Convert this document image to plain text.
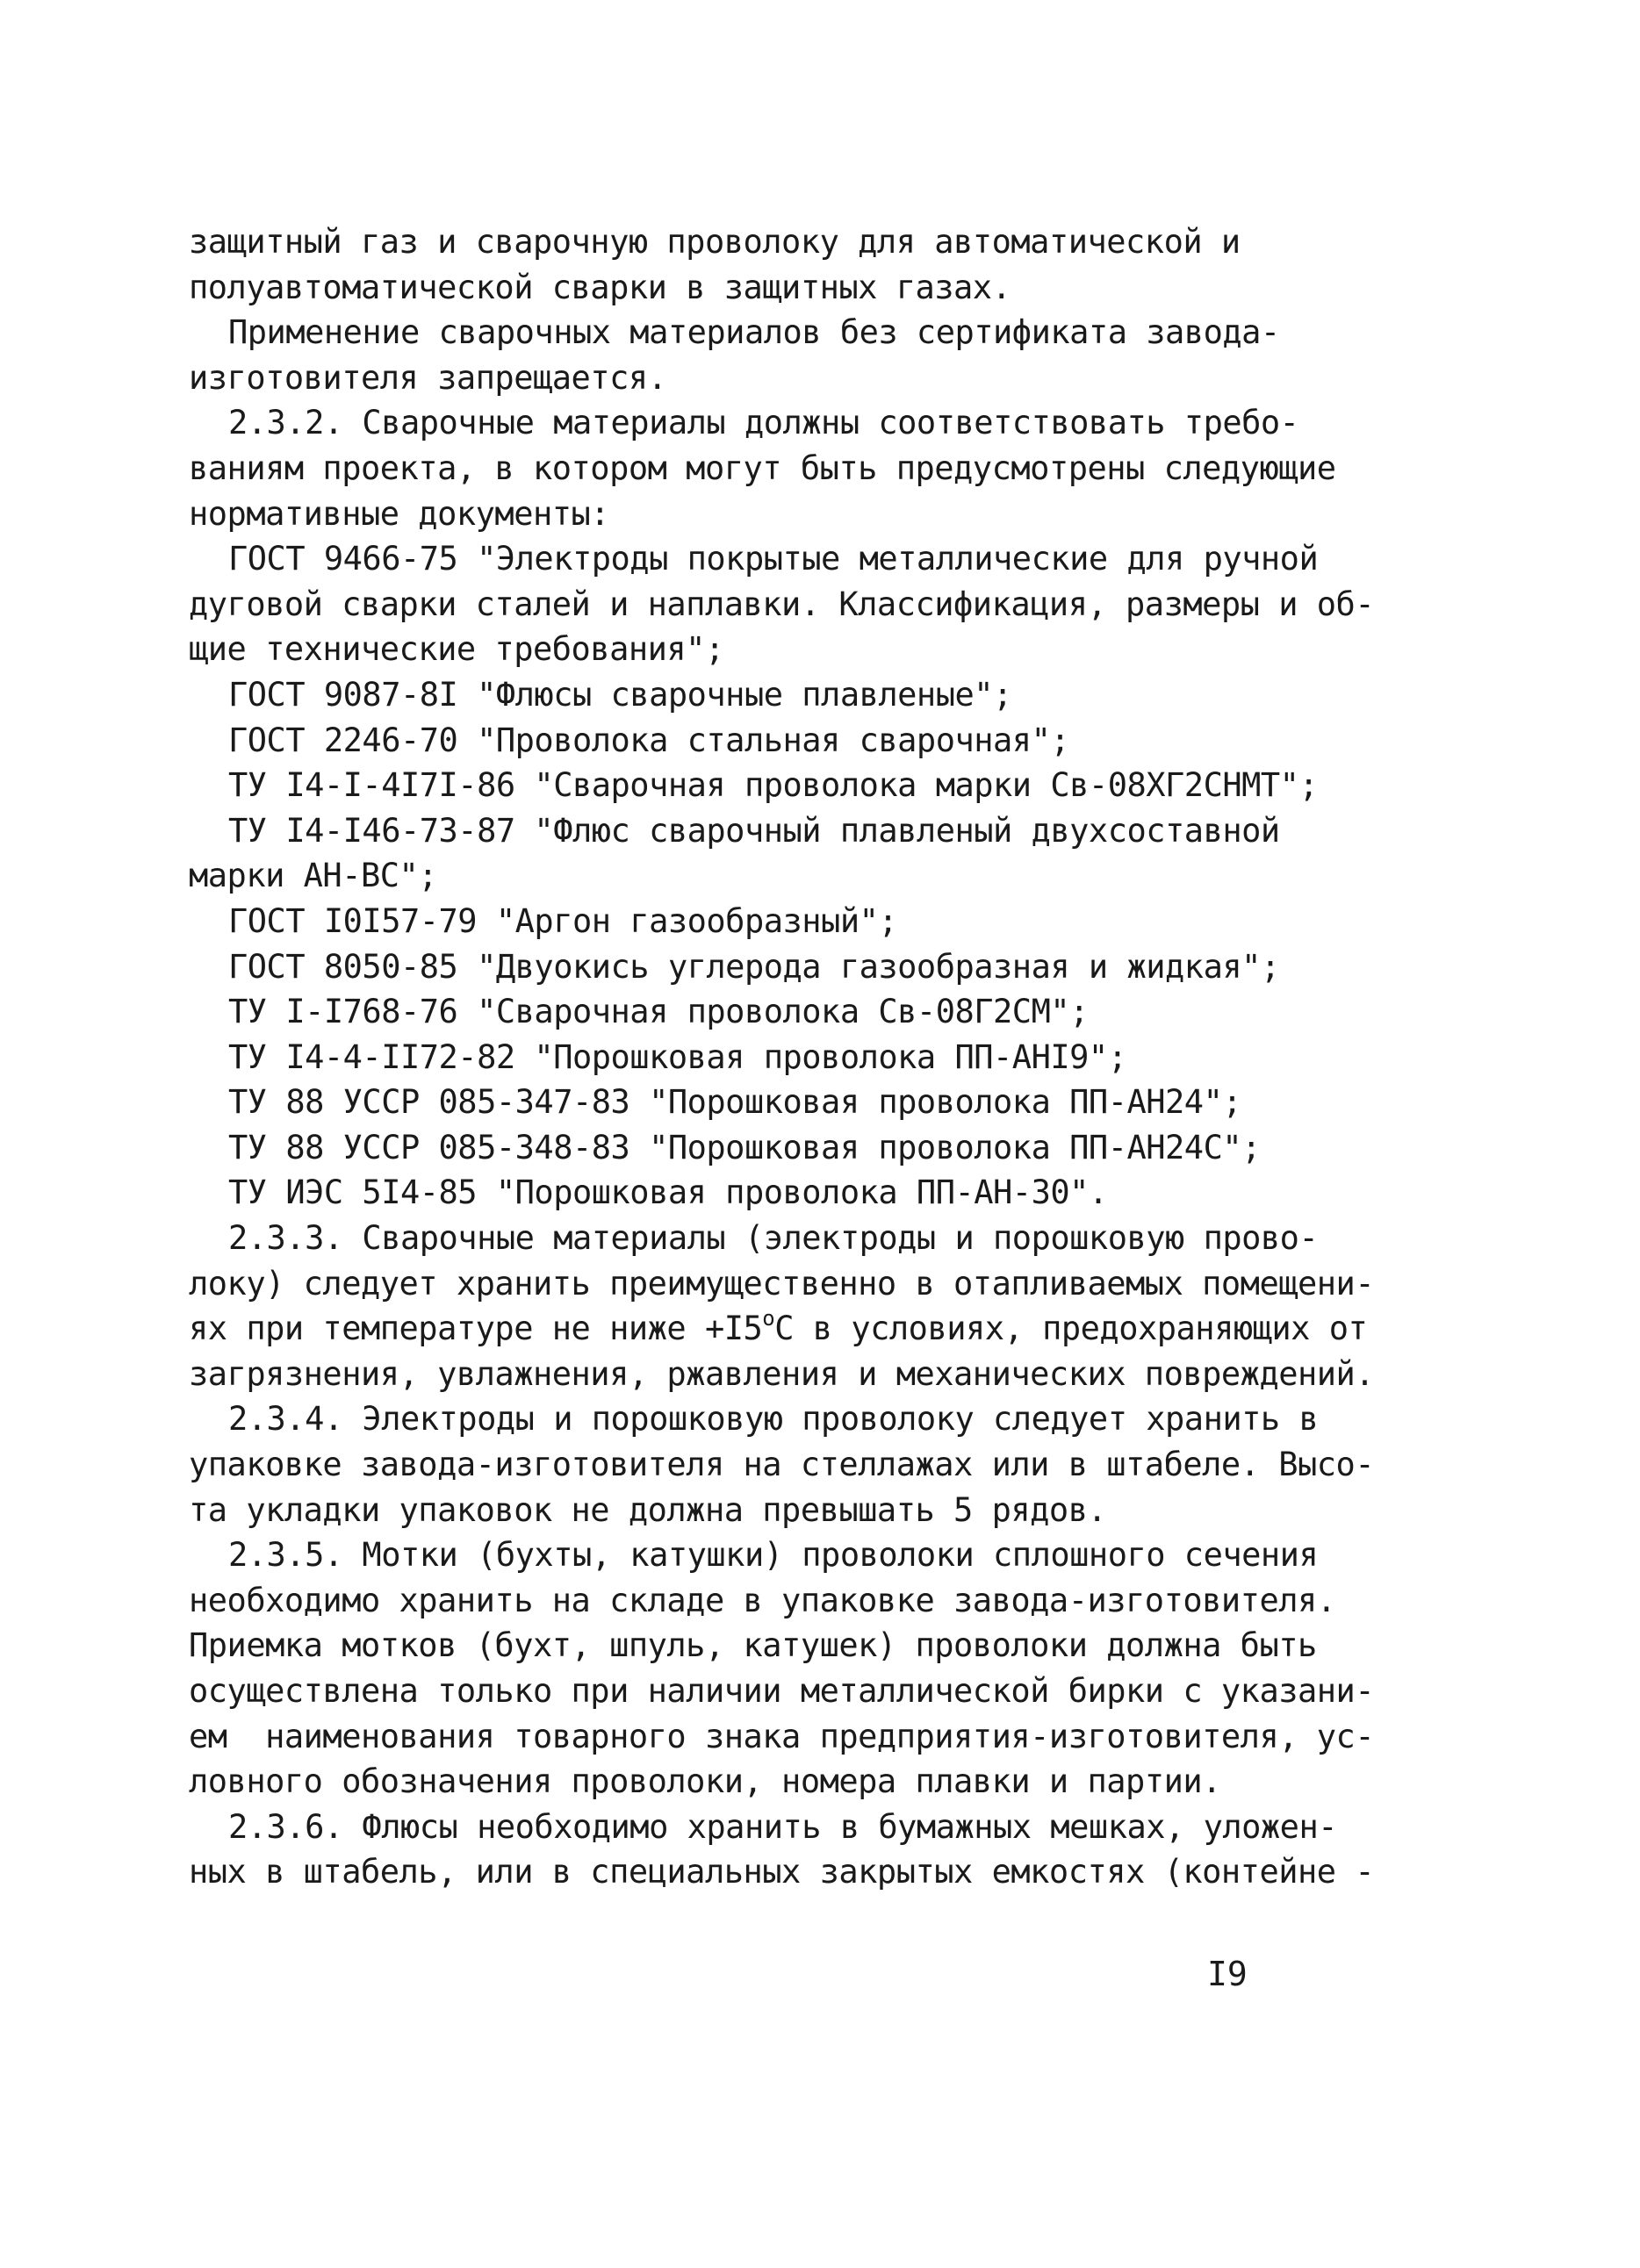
защитный газ и сварочную проволоку для автоматической и
полуавтоматической сварки в защитных газах.
Применение сварочных материалов без сертификата завода-
изготовителя запрещается.
2.3.2. Сварочные материалы должны соответствовать требо-
ваниям проекта, в котором могут быть предусмотрены следующие
нормативные документы:
ГОСТ 9466-75 "Электроды покрытые металлические для ручной
дуговой сварки сталей и наплавки. Классификация, размеры и об-
щие технические требования";
ГОСТ 9087-8I "Флюсы сварочные плавленые";
ГОСТ 2246-70 "Проволока стальная сварочная";
ТУ I4-I-4I7I-86 "Сварочная проволока марки Св-08ХГ2СНМТ";
ТУ I4-I46-73-87 "Флюс сварочный плавленый двухсоставной
марки АН-ВС";
ГОСТ I0I57-79 "Аргон газообразный";
ГОСТ 8050-85 "Двуокись углерода газообразная и жидкая";
ТУ I-I768-76 "Сварочная проволока Св-08Г2СМ";
ТУ I4-4-II72-82 "Порошковая проволока ПП-АНI9";
ТУ 88 УССР 085-347-83 "Порошковая проволока ПП-АН24";
ТУ 88 УССР 085-348-83 "Порошковая проволока ПП-АН24С";
ТУ ИЭС 5I4-85 "Порошковая проволока ПП-АН-30".
2.3.3. Сварочные материалы (электроды и порошковую прово-
локу) следует хранить преимущественно в отапливаемых помещени-
ях при температуре не ниже $+I5^oС$ в условиях, предохраняющих от
загрязнения, увлажнения, ржавления и механических повреждений.
2.3.4. Электроды и порошковую проволоку следует хранить в
упаковке завода-изготовителя на стеллажах или в штабеле. Высо-
та укладки упаковок не должна превышать 5 рядов.
2.3.5. Мотки (бухты, катушки) проволоки сплошного сечения
необходимо хранить на складе в упаковке завода-изготовителя.
Приемка мотков (бухт, шпуль, катушек) проволоки должна быть
осуществлена только при наличии металлической бирки с указани-
ем  наименования товарного знака предприятия-изготовителя, ус-
ловного обозначения проволоки, номера плавки и партии.
2.3.6. Флюсы необходимо хранить в бумажных мешках, уложен-
ных в штабель, или в специальных закрытых емкостях (контейне -
I9
